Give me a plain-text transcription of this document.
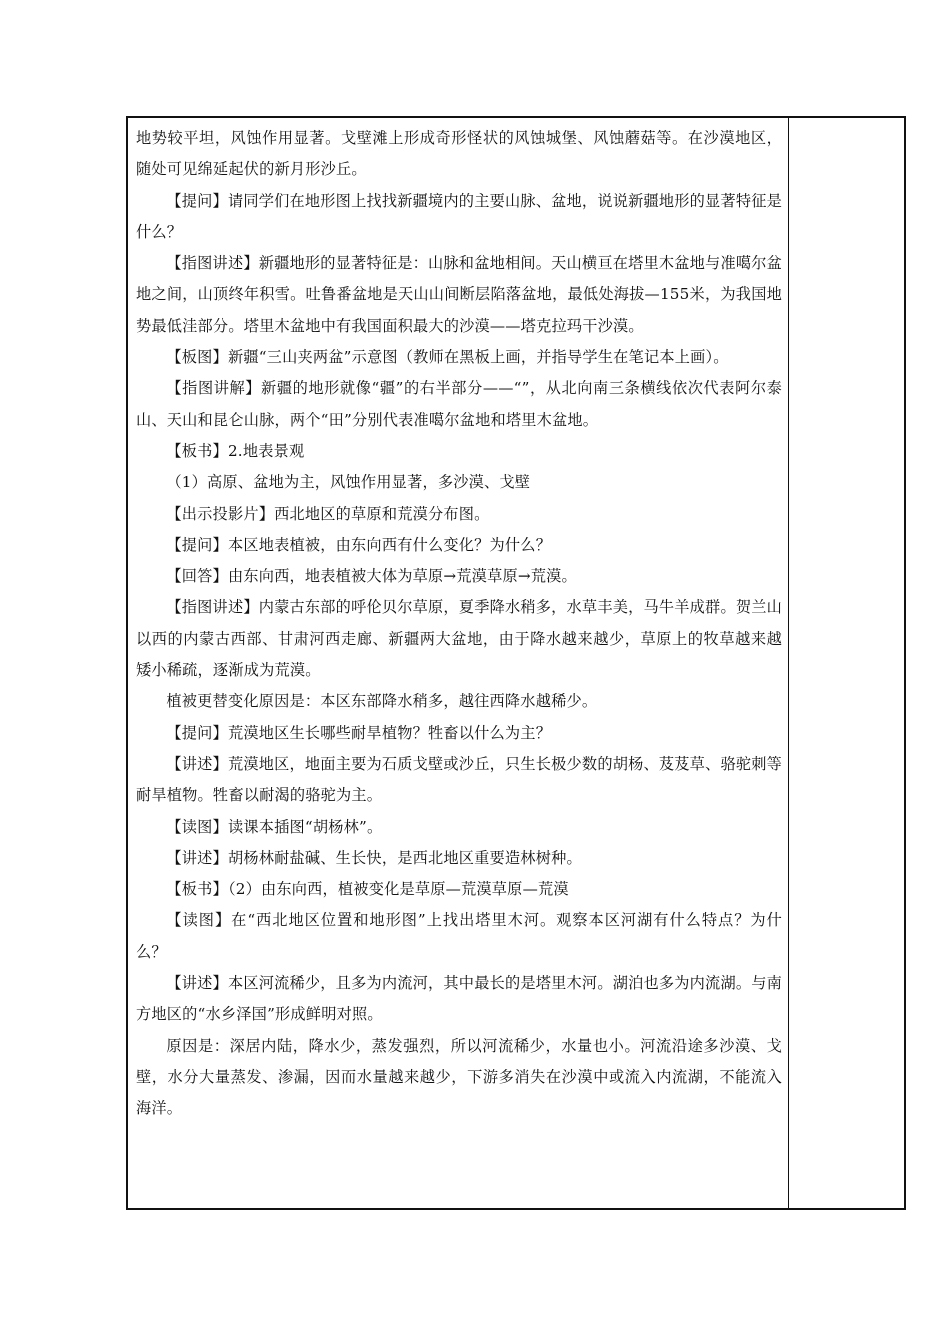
地势较平坦，风蚀作用显著。戈壁滩上形成奇形怪状的风蚀城堡、风蚀蘑菇等。在沙漠地区，随处可见绵延起伏的新月形沙丘。

【提问】请同学们在地形图上找找新疆境内的主要山脉、盆地，说说新疆地形的显著特征是什么？

【指图讲述】新疆地形的显著特征是：山脉和盆地相间。天山横亘在塔里木盆地与准噶尔盆地之间，山顶终年积雪。吐鲁番盆地是天山山间断层陷落盆地，最低处海拔—155米，为我国地势最低洼部分。塔里木盆地中有我国面积最大的沙漠——塔克拉玛干沙漠。

【板图】新疆“三山夹两盆”示意图（教师在黑板上画，并指导学生在笔记本上画）。

【指图讲解】新疆的地形就像“疆”的右半部分——“”，从北向南三条横线依次代表阿尔泰山、天山和昆仑山脉，两个“田”分别代表准噶尔盆地和塔里木盆地。

【板书】2.地表景观

（1）高原、盆地为主，风蚀作用显著，多沙漠、戈壁

【出示投影片】西北地区的草原和荒漠分布图。

【提问】本区地表植被，由东向西有什么变化？为什么？

【回答】由东向西，地表植被大体为草原→荒漠草原→荒漠。

【指图讲述】内蒙古东部的呼伦贝尔草原，夏季降水稍多，水草丰美，马牛羊成群。贺兰山以西的内蒙古西部、甘肃河西走廊、新疆两大盆地，由于降水越来越少，草原上的牧草越来越矮小稀疏，逐渐成为荒漠。

植被更替变化原因是：本区东部降水稍多，越往西降水越稀少。

【提问】荒漠地区生长哪些耐旱植物？牲畜以什么为主？

【讲述】荒漠地区，地面主要为石质戈壁或沙丘，只生长极少数的胡杨、芨芨草、骆驼刺等耐旱植物。牲畜以耐渴的骆驼为主。

【读图】读课本插图“胡杨林”。

【讲述】胡杨林耐盐碱、生长快，是西北地区重要造林树种。

【板书】（2）由东向西，植被变化是草原—荒漠草原—荒漠

【读图】在“西北地区位置和地形图”上找出塔里木河。观察本区河湖有什么特点？为什么？

【讲述】本区河流稀少，且多为内流河，其中最长的是塔里木河。湖泊也多为内流湖。与南方地区的“水乡泽国”形成鲜明对照。

原因是：深居内陆，降水少，蒸发强烈，所以河流稀少，水量也小。河流沿途多沙漠、戈壁，水分大量蒸发、渗漏，因而水量越来越少，下游多消失在沙漠中或流入内流湖，不能流入海洋。
